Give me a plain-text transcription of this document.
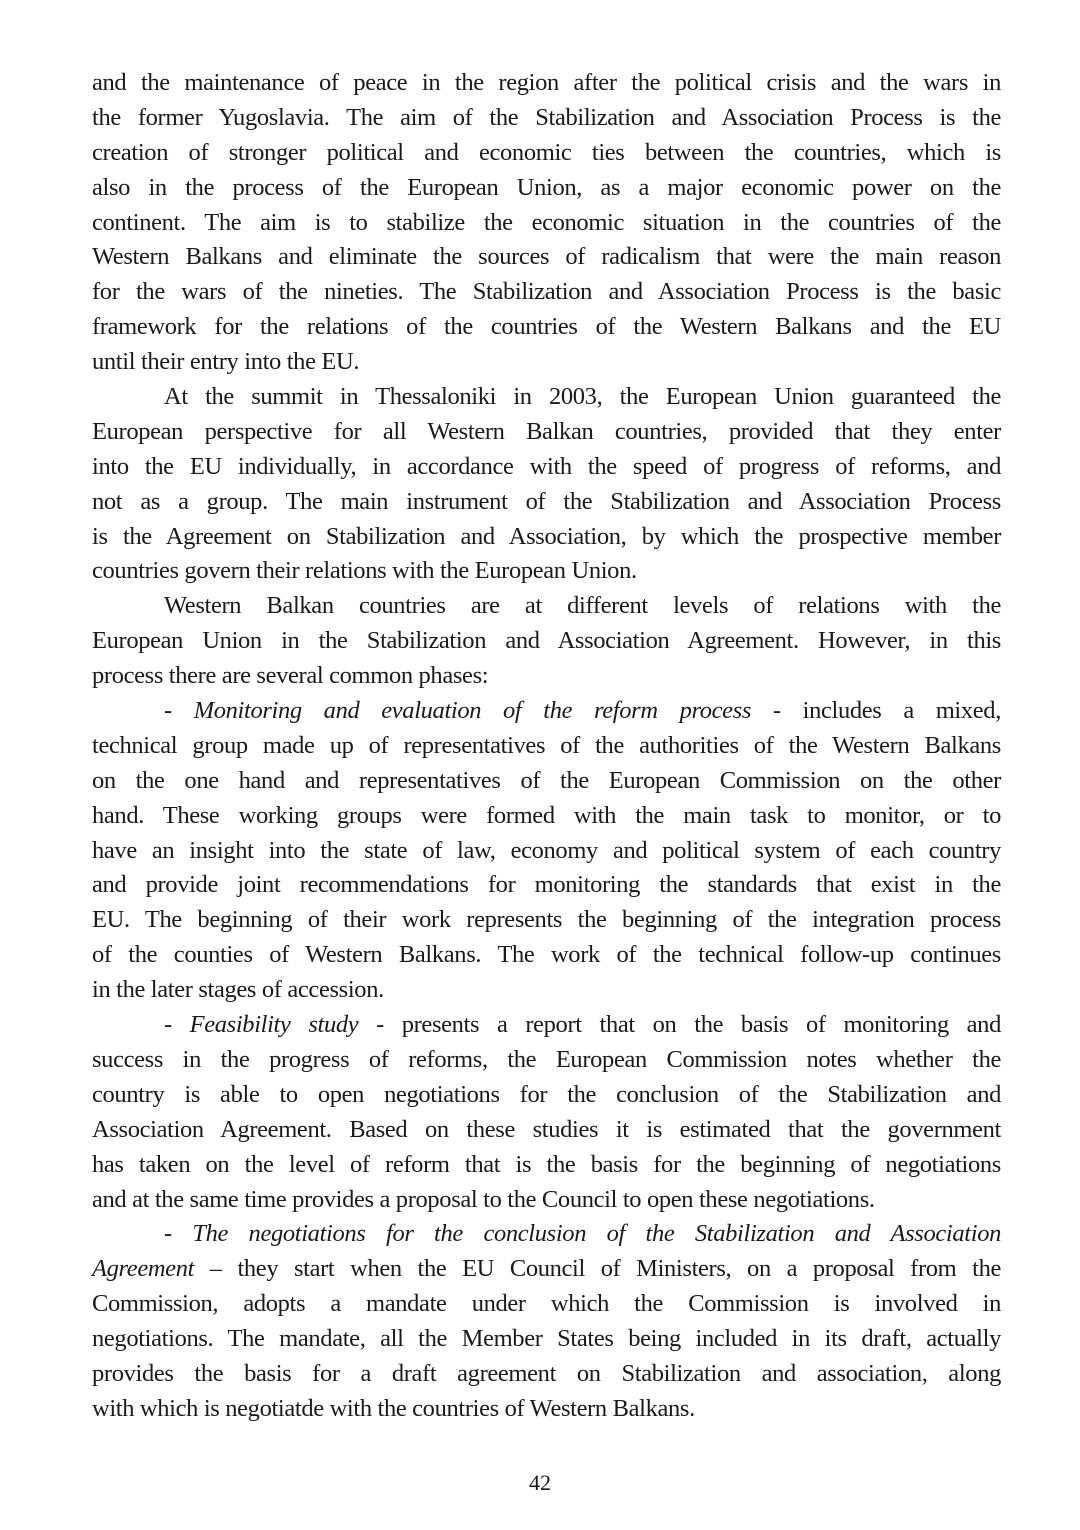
and the maintenance of peace in the region after the political crisis and the wars in
the former Yugoslavia. The aim of the Stabilization and Association Process is the
creation of stronger political and economic ties between the countries, which is
also in the process of the European Union, as a major economic power on the
continent. The aim is to stabilize the economic situation in the countries of the
Western Balkans and eliminate the sources of radicalism that were the main reason
for the wars of the nineties. The Stabilization and Association Process is the basic
framework for the relations of the countries of the Western Balkans and the EU
until their entry into the EU.
At the summit in Thessaloniki in 2003, the European Union guaranteed the
European perspective for all Western Balkan countries, provided that they enter
into the EU individually, in accordance with the speed of progress of reforms, and
not as a group. The main instrument of the Stabilization and Association Process
is the Agreement on Stabilization and Association, by which the prospective member
countries govern their relations with the European Union.
Western Balkan countries are at different levels of relations with the
European Union in the Stabilization and Association Agreement. However, in this
process there are several common phases:
- Monitoring and evaluation of the reform process - includes a mixed,
technical group made up of representatives of the authorities of the Western Balkans
on the one hand and representatives of the European Commission on the other
hand. These working groups were formed with the main task to monitor, or to
have an insight into the state of law, economy and political system of each country
and provide joint recommendations for monitoring the standards that exist in the
EU. The beginning of their work represents the beginning of the integration process
of the counties of Western Balkans. The work of the technical follow-up continues
in the later stages of accession.
- Feasibility study - presents a report that on the basis of monitoring and
success in the progress of reforms, the European Commission notes whether the
country is able to open negotiations for the conclusion of the Stabilization and
Association Agreement. Based on these studies it is estimated that the government
has taken on the level of reform that is the basis for the beginning of negotiations
and at the same time provides a proposal to the Council to open these negotiations.
- The negotiations for the conclusion of the Stabilization and Association
Agreement – they start when the EU Council of Ministers, on a proposal from the
Commission, adopts a mandate under which the Commission is involved in
negotiations. The mandate, all the Member States being included in its draft, actually
provides the basis for a draft agreement on Stabilization and association, along
with which is negotiatde with the countries of Western Balkans.
42
